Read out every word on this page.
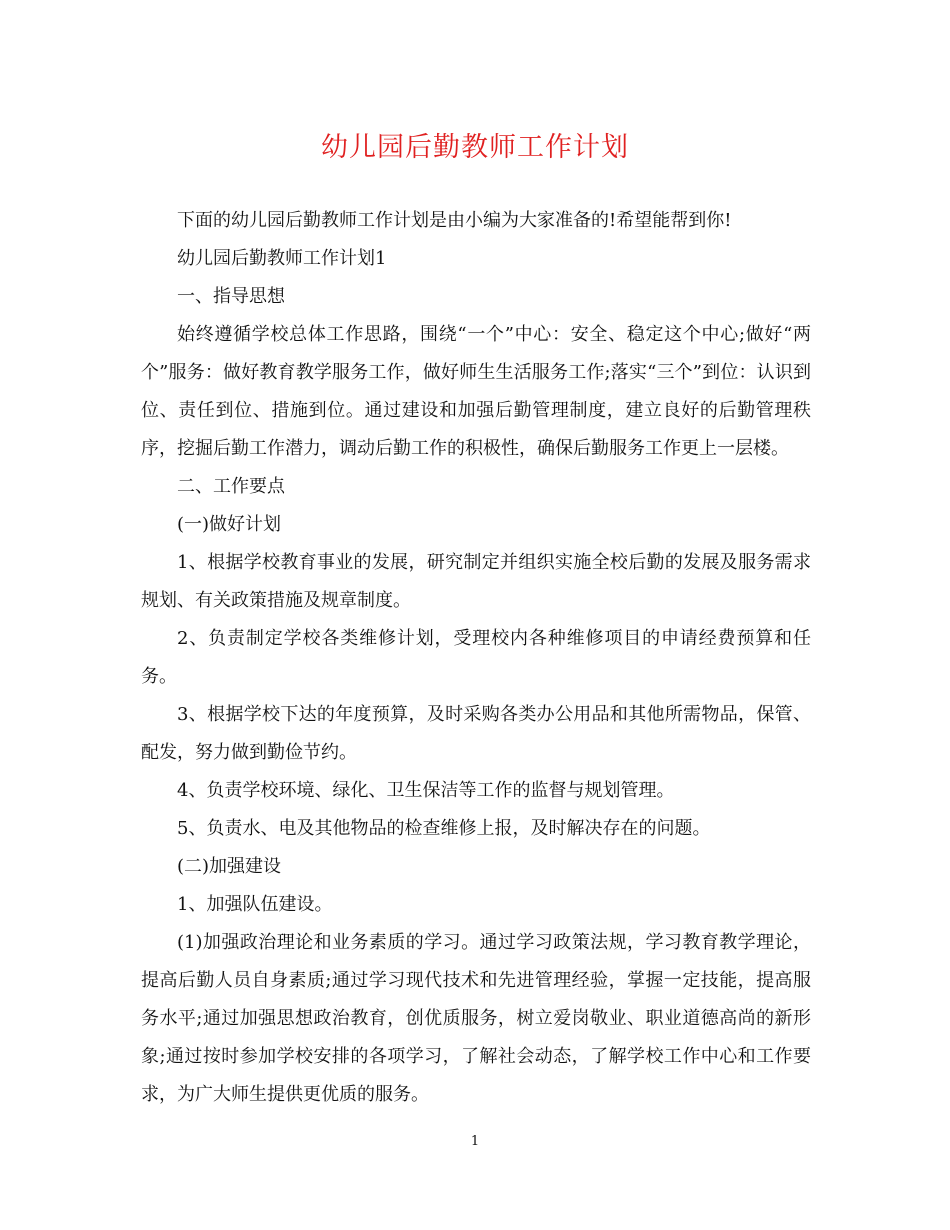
幼儿园后勤教师工作计划

下面的幼儿园后勤教师工作计划是由小编为大家准备的!希望能帮到你!

幼儿园后勤教师工作计划1

一、指导思想

始终遵循学校总体工作思路，围绕“一个”中心：安全、稳定这个中心;做好“两个”服务：做好教育教学服务工作，做好师生生活服务工作;落实“三个”到位：认识到位、责任到位、措施到位。通过建设和加强后勤管理制度，建立良好的后勤管理秩序，挖掘后勤工作潜力，调动后勤工作的积极性，确保后勤服务工作更上一层楼。

二、工作要点

(一)做好计划

1、根据学校教育事业的发展，研究制定并组织实施全校后勤的发展及服务需求规划、有关政策措施及规章制度。

2、负责制定学校各类维修计划，受理校内各种维修项目的申请经费预算和任务。

3、根据学校下达的年度预算，及时采购各类办公用品和其他所需物品，保管、配发，努力做到勤俭节约。

4、负责学校环境、绿化、卫生保洁等工作的监督与规划管理。

5、负责水、电及其他物品的检查维修上报，及时解决存在的问题。

(二)加强建设

1、加强队伍建设。

(1)加强政治理论和业务素质的学习。通过学习政策法规，学习教育教学理论，提高后勤人员自身素质;通过学习现代技术和先进管理经验，掌握一定技能，提高服务水平;通过加强思想政治教育，创优质服务，树立爱岗敬业、职业道德高尚的新形象;通过按时参加学校安排的各项学习，了解社会动态，了解学校工作中心和工作要求，为广大师生提供更优质的服务。

1
